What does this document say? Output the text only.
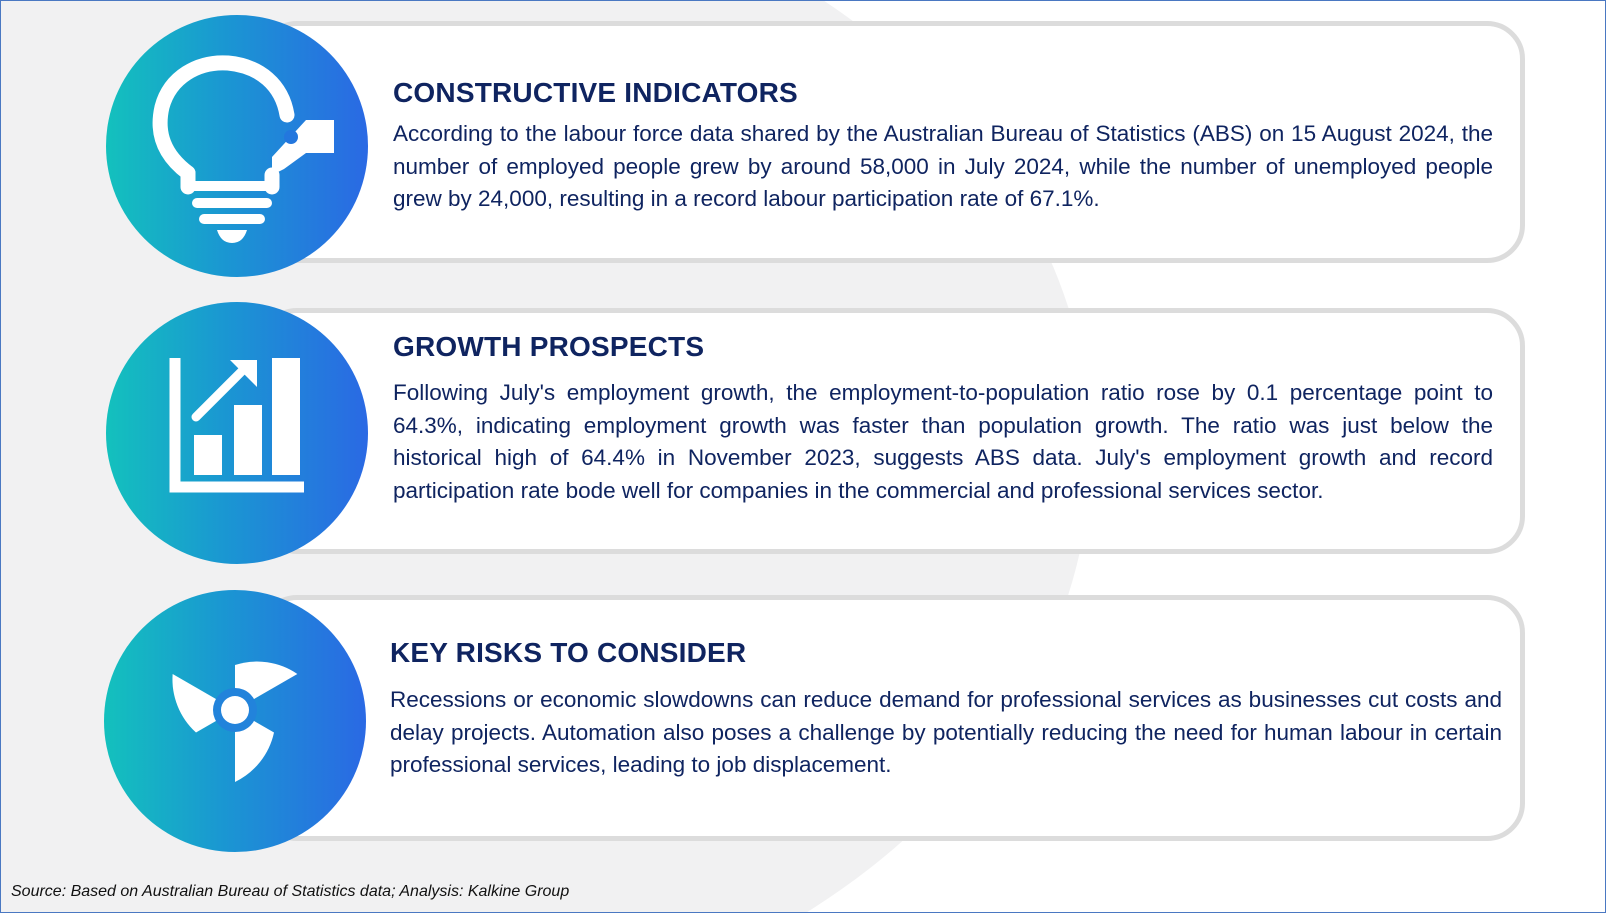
CONSTRUCTIVE INDICATORS

According to the labour force data shared by the Australian Bureau of Statistics (ABS) on 15 August 2024, the number of employed people grew by around 58,000 in July 2024, while the number of unemployed people grew by 24,000, resulting in a record labour participation rate of 67.1%.

GROWTH PROSPECTS

Following July's employment growth, the employment-to-population ratio rose by 0.1 percentage point to 64.3%, indicating employment growth was faster than population growth. The ratio was just below the historical high of 64.4% in November 2023, suggests ABS data. July's employment growth and record participation rate bode well for companies in the commercial and professional services sector.

KEY RISKS TO CONSIDER

Recessions or economic slowdowns can reduce demand for professional services as businesses cut costs and delay projects. Automation also poses a challenge by potentially reducing the need for human labour in certain professional services, leading to job displacement.

Source: Based on Australian Bureau of Statistics data; Analysis: Kalkine Group
